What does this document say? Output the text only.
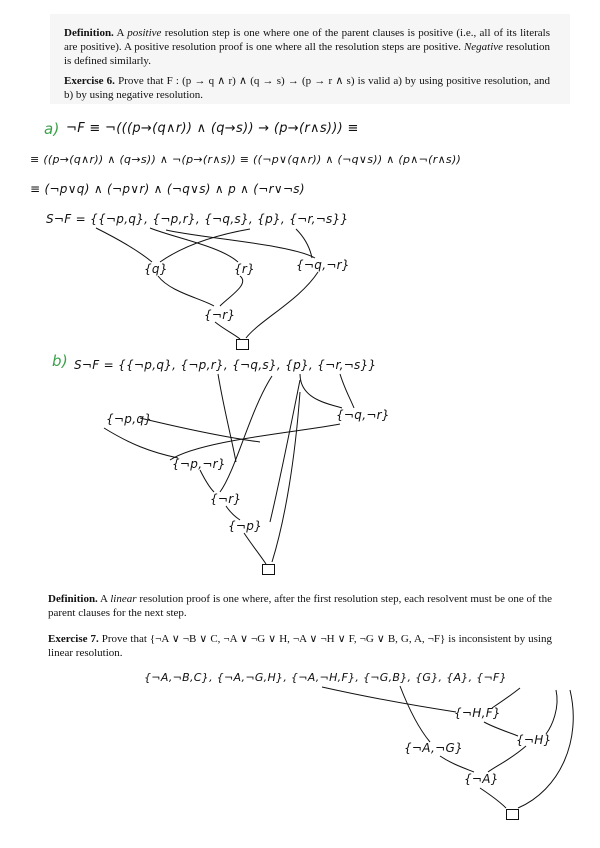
Definition. A positive resolution step is one where one of the parent clauses is positive (i.e., all of its literals are positive). A positive resolution proof is one where all the resolution steps are positive. Negative resolution is defined similarly.
Exercise 6. Prove that F : (p → q ∧ r) ∧ (q → s) → (p → r ∧ s) is valid a) by using positive resolution, and b) by using negative resolution.
a) ¬F ≡ ¬(((p→(q∧r)) ∧ (q→s)) → (p→(r∧s))) ≡
≡ ((p→(q∧r)) ∧ (q→s)) ∧ ¬(p→(r∧s)) ≡ ((¬p∨(q∧r)) ∧ (¬q∨s)) ∧ (p∧¬(r∧s))
≡ (¬p∨q) ∧ (¬p∨r) ∧ (¬q∨s) ∧ p ∧ (¬r∨¬s)
S¬F = {{¬p,q}, {¬p,r}, {¬q,s}, {p}, {¬r,¬s}}
{q}	{r}	{¬q,¬r}
{¬r}
b) S¬F = {{¬p,q}, {¬p,r}, {¬q,s}, {p}, {¬r,¬s}}
{¬p,q}	{¬q,¬r}
{¬p,¬r}
{¬r}
{¬p}
Definition. A linear resolution proof is one where, after the first resolution step, each resolvent must be one of the parent clauses for the next step.
Exercise 7. Prove that {¬A ∨ ¬B ∨ C, ¬A ∨ ¬G ∨ H, ¬A ∨ ¬H ∨ F, ¬G ∨ B, G, A, ¬F} is inconsistent by using linear resolution.
{¬A,¬B,C}, {¬A,¬G,H}, {¬A,¬H,F}, {¬G,B}, {G}, {A}, {¬F}
{¬H,F}
{¬H}
{¬A,¬G}
{¬A}
